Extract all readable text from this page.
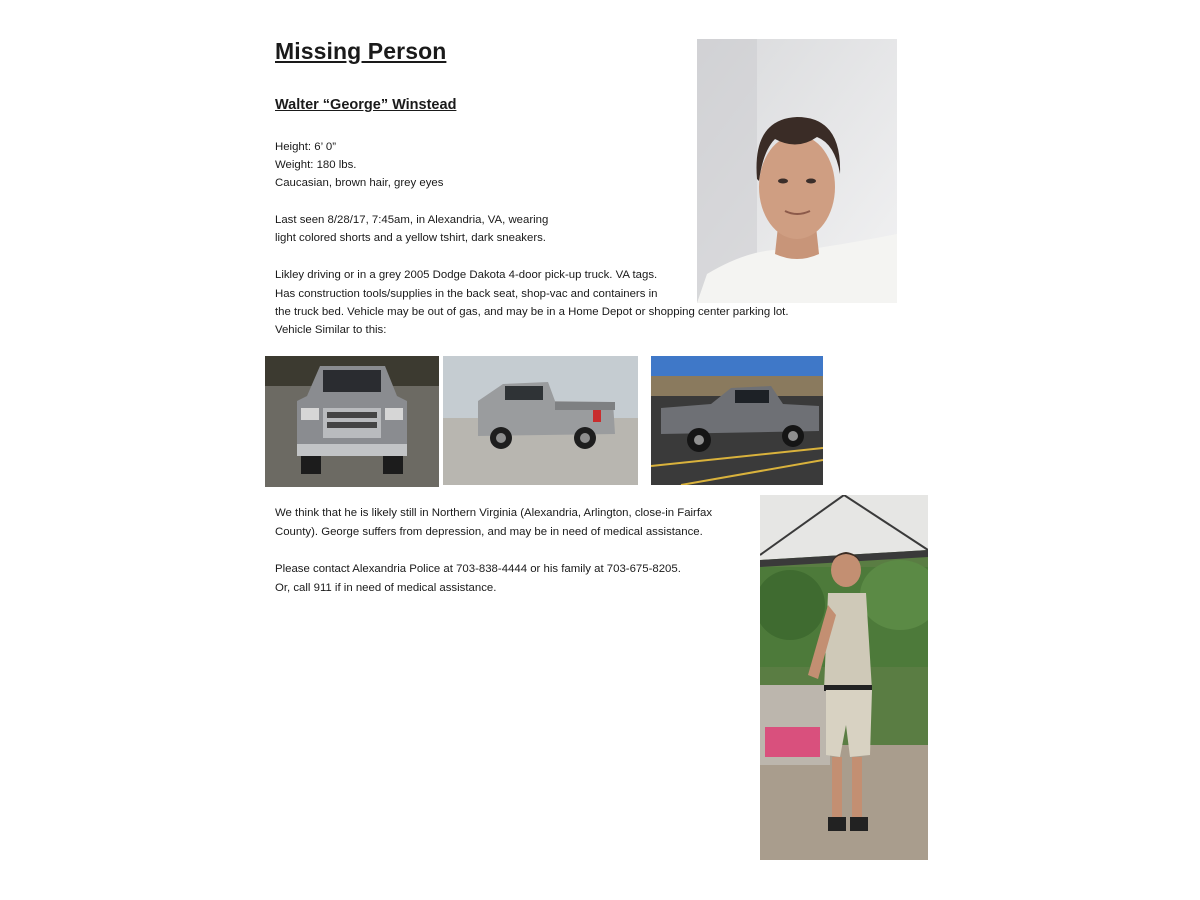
Missing Person
Walter “George” Winstead

Height: 6’ 0”

Weight: 180 lbs.

Caucasian, brown hair, grey eyes

Last seen 8/28/17, 7:45am, in Alexandria, VA, wearing

light colored shorts and a yellow tshirt, dark sneakers.

Likley driving or in a grey 2005 Dodge Dakota 4-door pick-up truck. VA tags.

Has construction tools/supplies in the back seat, shop-vac and containers in

the truck bed. Vehicle may be out of gas, and may be in a Home Depot or shopping center parking lot.

Vehicle Similar to this:

We think that he is likely still in Northern Virginia (Alexandria, Arlington, close-in Fairfax

County). George suffers from depression, and may be in need of medical assistance.

Please contact Alexandria Police at 703-838-4444 or his family at 703-675-8205.

Or, call 911 if in need of medical assistance.
